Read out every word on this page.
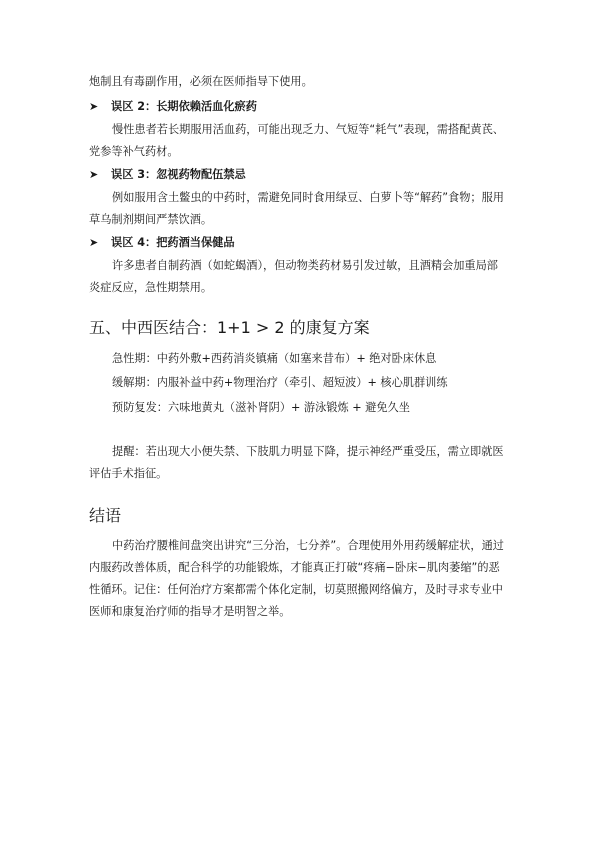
炮制且有毒副作用，必须在医师指导下使用。

➤ 误区 2：长期依赖活血化瘀药

慢性患者若长期服用活血药，可能出现乏力、气短等“耗气”表现，需搭配黄芪、党参等补气药材。

➤ 误区 3：忽视药物配伍禁忌

例如服用含土鳖虫的中药时，需避免同时食用绿豆、白萝卜等“解药”食物；服用草乌制剂期间严禁饮酒。

➤ 误区 4：把药酒当保健品

许多患者自制药酒（如蛇蝎酒），但动物类药材易引发过敏，且酒精会加重局部炎症反应，急性期禁用。

五、中西医结合：1+1 > 2 的康复方案

急性期：中药外敷+西药消炎镇痛（如塞来昔布）+ 绝对卧床休息

缓解期：内服补益中药+物理治疗（牵引、超短波）+ 核心肌群训练

预防复发：六味地黄丸（滋补肾阴）+ 游泳锻炼 + 避免久坐

提醒：若出现大小便失禁、下肢肌力明显下降，提示神经严重受压，需立即就医评估手术指征。

结语

中药治疗腰椎间盘突出讲究“三分治，七分养”。合理使用外用药缓解症状，通过内服药改善体质，配合科学的功能锻炼，才能真正打破“疼痛−卧床−肌肉萎缩”的恶性循环。记住：任何治疗方案都需个体化定制，切莫照搬网络偏方，及时寻求专业中医师和康复治疗师的指导才是明智之举。
